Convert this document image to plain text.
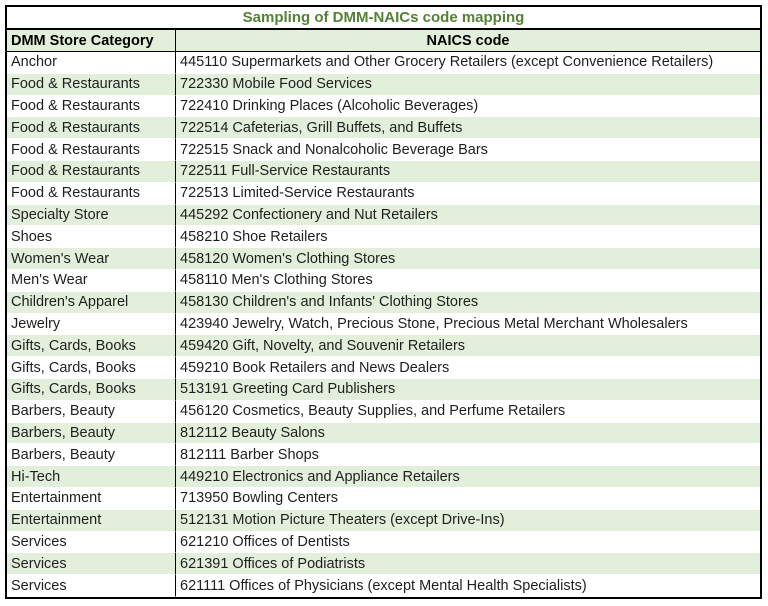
Sampling of DMM-NAICs code mapping	
DMM Store Category	NAICS code
Anchor	445110 Supermarkets and Other Grocery Retailers (except Convenience Retailers)
Food & Restaurants	722330 Mobile Food Services
Food & Restaurants	722410 Drinking Places (Alcoholic Beverages)
Food & Restaurants	722514 Cafeterias, Grill Buffets, and Buffets
Food & Restaurants	722515 Snack and Nonalcoholic Beverage Bars
Food & Restaurants	722511 Full-Service Restaurants
Food & Restaurants	722513 Limited-Service Restaurants
Specialty Store	445292 Confectionery and Nut Retailers
Shoes	458210 Shoe Retailers
Women's Wear	458120 Women's Clothing Stores
Men's Wear	458110 Men's Clothing Stores
Children's Apparel	458130 Children's and Infants' Clothing Stores
Jewelry	423940 Jewelry, Watch, Precious Stone, Precious Metal Merchant Wholesalers
Gifts, Cards, Books	459420 Gift, Novelty, and Souvenir Retailers
Gifts, Cards, Books	459210 Book Retailers and News Dealers
Gifts, Cards, Books	513191 Greeting Card Publishers
Barbers, Beauty	456120 Cosmetics, Beauty Supplies, and Perfume Retailers
Barbers, Beauty	812112 Beauty Salons
Barbers, Beauty	812111 Barber Shops
Hi-Tech	449210 Electronics and Appliance Retailers
Entertainment	713950 Bowling Centers
Entertainment	512131 Motion Picture Theaters (except Drive-Ins)
Services	621210 Offices of Dentists
Services	621391 Offices of Podiatrists
Services	621111 Offices of Physicians (except Mental Health Specialists)
